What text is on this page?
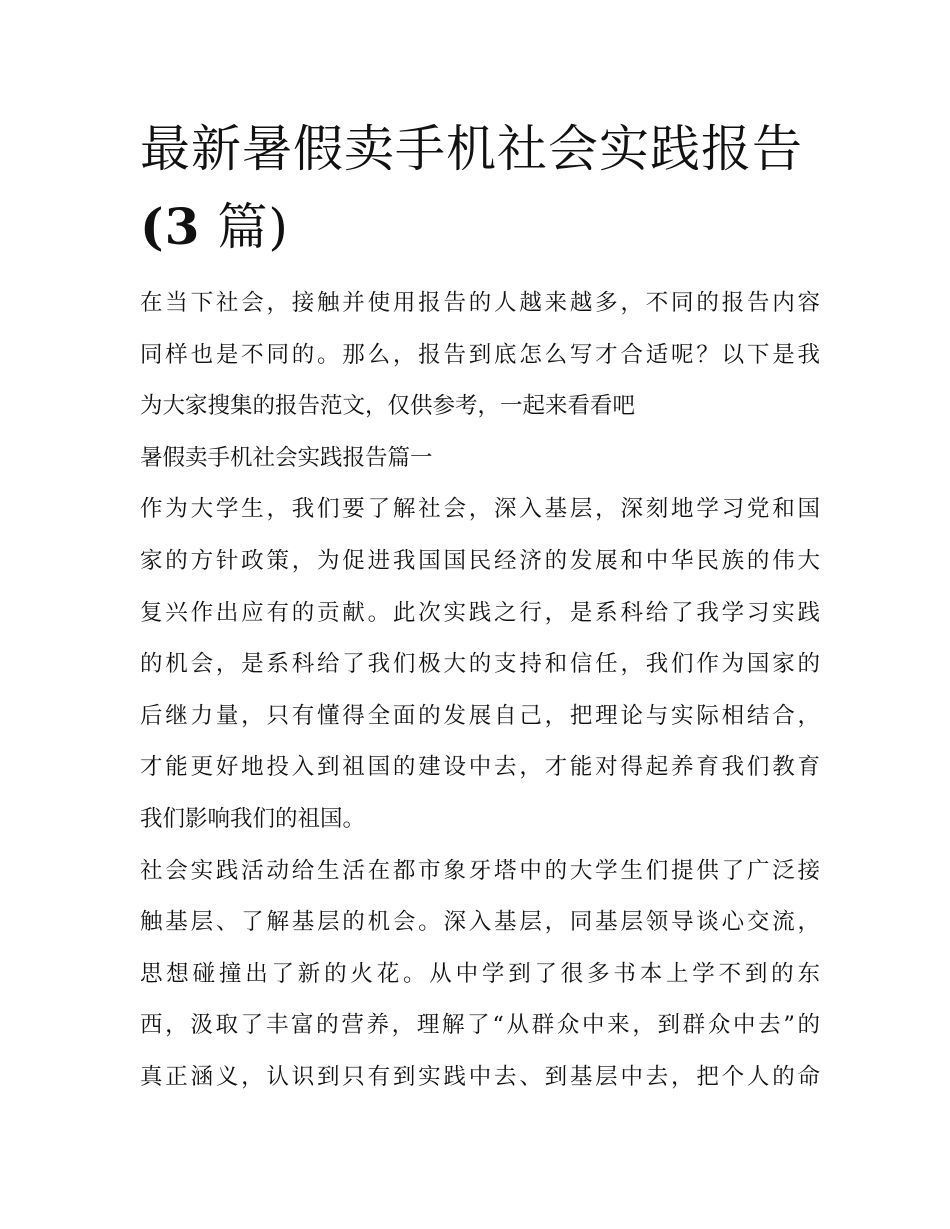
最新暑假卖手机社会实践报告
(3 篇)
在当下社会，接触并使用报告的人越来越多，不同的报告内容
同样也是不同的。那么，报告到底怎么写才合适呢？以下是我
为大家搜集的报告范文，仅供参考，一起来看看吧
暑假卖手机社会实践报告篇一
作为大学生，我们要了解社会，深入基层，深刻地学习党和国
家的方针政策，为促进我国国民经济的发展和中华民族的伟大
复兴作出应有的贡献。此次实践之行，是系科给了我学习实践
的机会，是系科给了我们极大的支持和信任，我们作为国家的
后继力量，只有懂得全面的发展自己，把理论与实际相结合，
才能更好地投入到祖国的建设中去，才能对得起养育我们教育
我们影响我们的祖国。
社会实践活动给生活在都市象牙塔中的大学生们提供了广泛接
触基层、了解基层的机会。深入基层，同基层领导谈心交流，
思想碰撞出了新的火花。从中学到了很多书本上学不到的东
西，汲取了丰富的营养，理解了“从群众中来，到群众中去”的
真正涵义，认识到只有到实践中去、到基层中去，把个人的命
